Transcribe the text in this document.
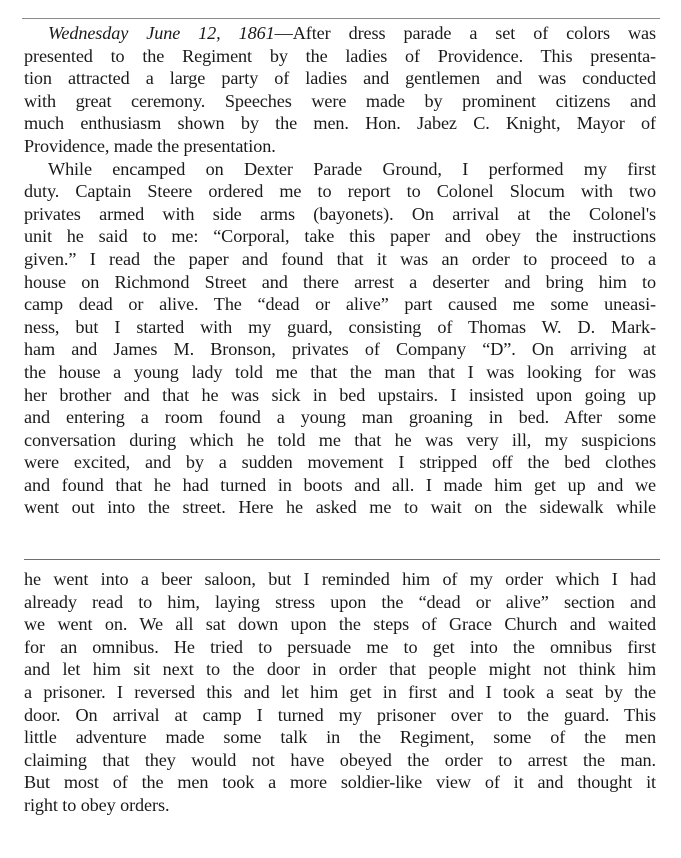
Wednesday June 12, 1861—After dress parade a set of colors was
presented to the Regiment by the ladies of Providence. This presenta-
tion attracted a large party of ladies and gentlemen and was conducted
with great ceremony. Speeches were made by prominent citizens and
much enthusiasm shown by the men. Hon. Jabez C. Knight, Mayor of
Providence, made the presentation.
While encamped on Dexter Parade Ground, I performed my first
duty. Captain Steere ordered me to report to Colonel Slocum with two
privates armed with side arms (bayonets). On arrival at the Colonel's
unit he said to me: “Corporal, take this paper and obey the instructions
given.” I read the paper and found that it was an order to proceed to a
house on Richmond Street and there arrest a deserter and bring him to
camp dead or alive. The “dead or alive” part caused me some uneasi-
ness, but I started with my guard, consisting of Thomas W. D. Mark-
ham and James M. Bronson, privates of Company “D”. On arriving at
the house a young lady told me that the man that I was looking for was
her brother and that he was sick in bed upstairs. I insisted upon going up
and entering a room found a young man groaning in bed. After some
conversation during which he told me that he was very ill, my suspicions
were excited, and by a sudden movement I stripped off the bed clothes
and found that he had turned in boots and all. I made him get up and we
went out into the street. Here he asked me to wait on the sidewalk while
he went into a beer saloon, but I reminded him of my order which I had
already read to him, laying stress upon the “dead or alive” section and
we went on. We all sat down upon the steps of Grace Church and waited
for an omnibus. He tried to persuade me to get into the omnibus first
and let him sit next to the door in order that people might not think him
a prisoner. I reversed this and let him get in first and I took a seat by the
door. On arrival at camp I turned my prisoner over to the guard. This
little adventure made some talk in the Regiment, some of the men
claiming that they would not have obeyed the order to arrest the man.
But most of the men took a more soldier-like view of it and thought it
right to obey orders.
